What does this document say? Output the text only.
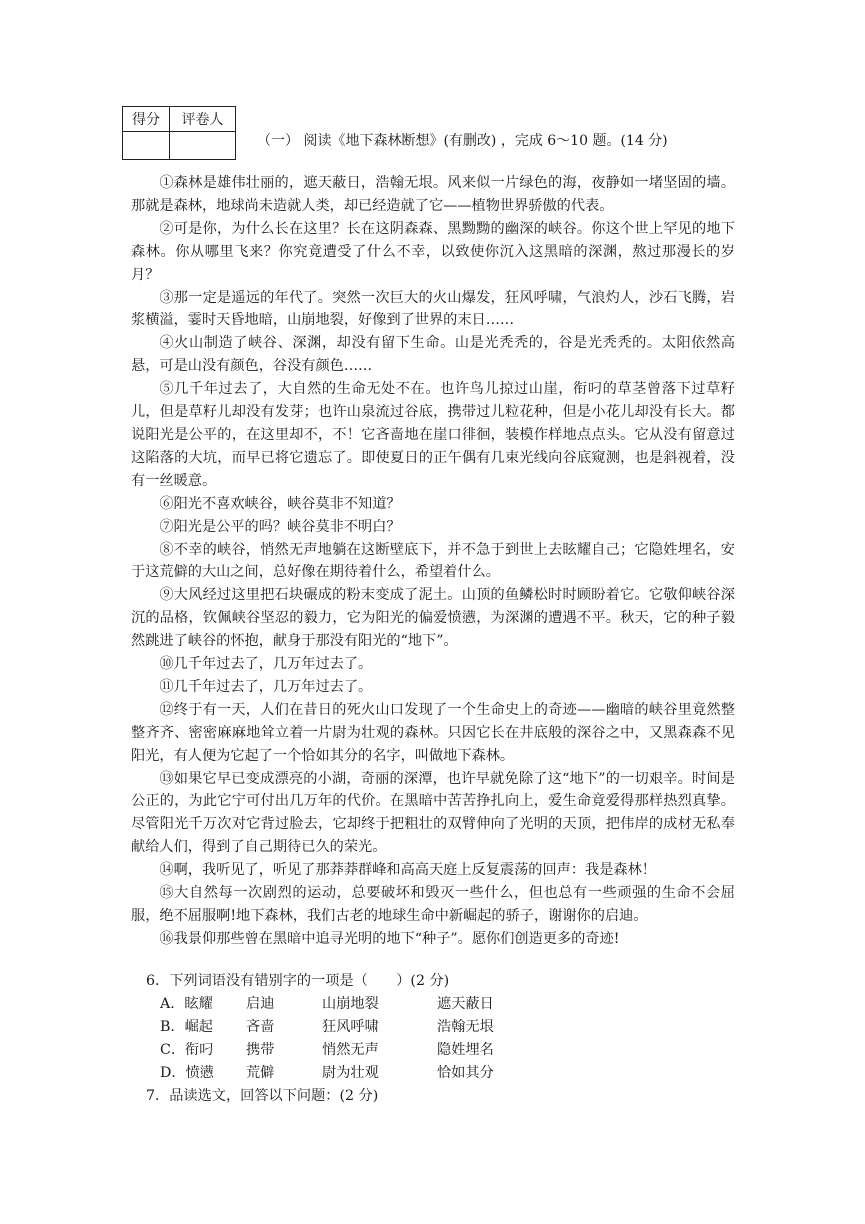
得分	评卷人

（一） 阅读《地下森林断想》(有删改) ，完成 6～10 题。(14 分)

①森林是雄伟壮丽的，遮天蔽日，浩翰无垠。风来似一片绿色的海，夜静如一堵坚固的墙。那就是森林，地球尚未造就人类，却已经造就了它——植物世界骄傲的代表。

②可是你，为什么长在这里？长在这阴森森、黑黝黝的幽深的峡谷。你这个世上罕见的地下森林。你从哪里飞来？你究竟遭受了什么不幸，以致使你沉入这黑暗的深渊，熬过那漫长的岁月？

③那一定是遥远的年代了。突然一次巨大的火山爆发，狂风呼啸，气浪灼人，沙石飞腾，岩浆横溢，霎时天昏地暗，山崩地裂，好像到了世界的末日……

④火山制造了峡谷、深渊，却没有留下生命。山是光秃秃的，谷是光秃秃的。太阳依然高悬，可是山没有颜色，谷没有颜色……

⑤几千年过去了，大自然的生命无处不在。也许鸟儿掠过山崖，衔叼的草茎曾落下过草籽儿，但是草籽儿却没有发芽；也许山泉流过谷底，携带过儿粒花种，但是小花儿却没有长大。都说阳光是公平的，在这里却不，不！它吝啬地在崖口徘徊，装模作样地点点头。它从没有留意过这陷落的大坑，而早已将它遗忘了。即使夏日的正午偶有几束光线向谷底窥测，也是斜视着，没有一丝暖意。

⑥阳光不喜欢峡谷，峡谷莫非不知道？

⑦阳光是公平的吗？峡谷莫非不明白？

⑧不幸的峡谷，悄然无声地躺在这断壁底下，并不急于到世上去眩耀自己；它隐姓埋名，安于这荒僻的大山之间，总好像在期待着什么，希望着什么。

⑨大风经过这里把石块碾成的粉末变成了泥土。山顶的鱼鳞松时时顾盼着它。它敬仰峡谷深沉的品格，钦佩峡谷坚忍的毅力，它为阳光的偏爱愤懑，为深渊的遭遇不平。秋天，它的种子毅然跳进了峡谷的怀抱，献身于那没有阳光的“地下”。

⑩几千年过去了，几万年过去了。

⑪几千年过去了，几万年过去了。

⑫终于有一天，人们在昔日的死火山口发现了一个生命史上的奇迹——幽暗的峡谷里竟然整整齐齐、密密麻麻地耸立着一片尉为壮观的森林。只因它长在井底般的深谷之中，又黑森森不见阳光，有人便为它起了一个恰如其分的名字，叫做地下森林。

⑬如果它早已变成漂亮的小湖，奇丽的深潭，也许早就免除了这“地下”的一切艰辛。时间是公正的，为此它宁可付出几万年的代价。在黑暗中苦苦挣扎向上，爱生命竟爱得那样热烈真挚。尽管阳光千万次对它背过脸去，它却终于把粗壮的双臂伸向了光明的天顶，把伟岸的成材无私奉献给人们，得到了自己期待已久的荣光。

⑭啊，我听见了，听见了那莽莽群峰和高高天庭上反复震荡的回声：我是森林！

⑮大自然每一次剧烈的运动，总要破坏和毁灭一些什么，但也总有一些顽强的生命不会屈服，绝不屈服啊!地下森林，我们古老的地球生命中新崛起的骄子，谢谢你的启迪。

⑯我景仰那些曾在黑暗中追寻光明的地下“种子”。愿你们创造更多的奇迹!

6．下列词语没有错别字的一项是（　　）(2 分)

A．眩耀	启迪	山崩地裂	遮天蔽日
B．崛起	吝啬	狂风呼啸	浩翰无垠
C．衔叼	携带	悄然无声	隐姓埋名
D．愤懑	荒僻	尉为壮观	恰如其分

7．品读选文，回答以下问题：(2 分)
